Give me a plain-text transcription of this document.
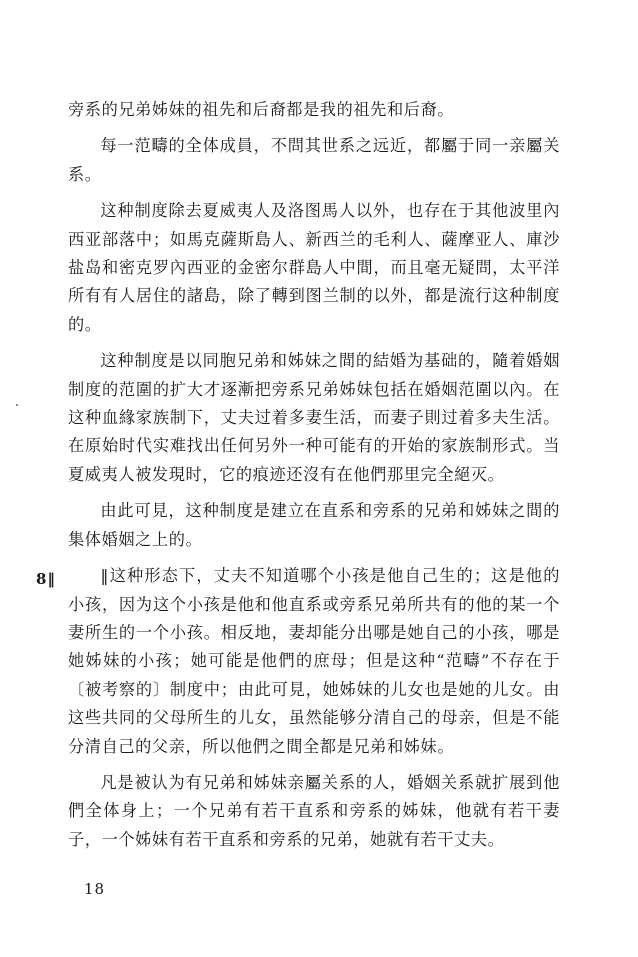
8‖

旁系的兄弟姊妹的祖先和后裔都是我的祖先和后裔。

每一范疇的全体成員，不問其世系之远近，都屬于同一亲屬关系。

这种制度除去夏威夷人及洛图馬人以外，也存在于其他波里內西亚部落中；如馬克薩斯島人、新西兰的毛利人、薩摩亚人、庫沙盐岛和密克罗內西亚的金密尔群島人中間，而且毫无疑問，太平洋所有有人居住的諸島，除了轉到图兰制的以外，都是流行这种制度的。

这种制度是以同胞兄弟和姊妹之間的結婚为基础的，隨着婚姻制度的范圍的扩大才逐漸把旁系兄弟姊妹包括在婚姻范圍以內。在这种血緣家族制下，丈夫过着多妻生活，而妻子則过着多夫生活。在原始时代实难找出任何另外一种可能有的开始的家族制形式。当夏威夷人被发現时，它的痕迹还沒有在他們那里完全絕灭。

由此可見，这种制度是建立在直系和旁系的兄弟和姊妹之間的集体婚姻之上的。

‖这种形态下，丈夫不知道哪个小孩是他自己生的；这是他的小孩，因为这个小孩是他和他直系或旁系兄弟所共有的他的某一个妻所生的一个小孩。相反地，妻却能分出哪是她自己的小孩，哪是她姊妹的小孩；她可能是他們的庶母；但是这种“范疇”不存在于〔被考察的〕制度中；由此可見，她姊妹的儿女也是她的儿女。由这些共同的父母所生的儿女，虽然能够分清自己的母亲，但是不能分清自己的父亲，所以他們之間全都是兄弟和姊妹。

凡是被认为有兄弟和姊妹亲屬关系的人，婚姻关系就扩展到他們全体身上；一个兄弟有若干直系和旁系的姊妹，他就有若干妻子，一个姊妹有若干直系和旁系的兄弟，她就有若干丈夫。

18
